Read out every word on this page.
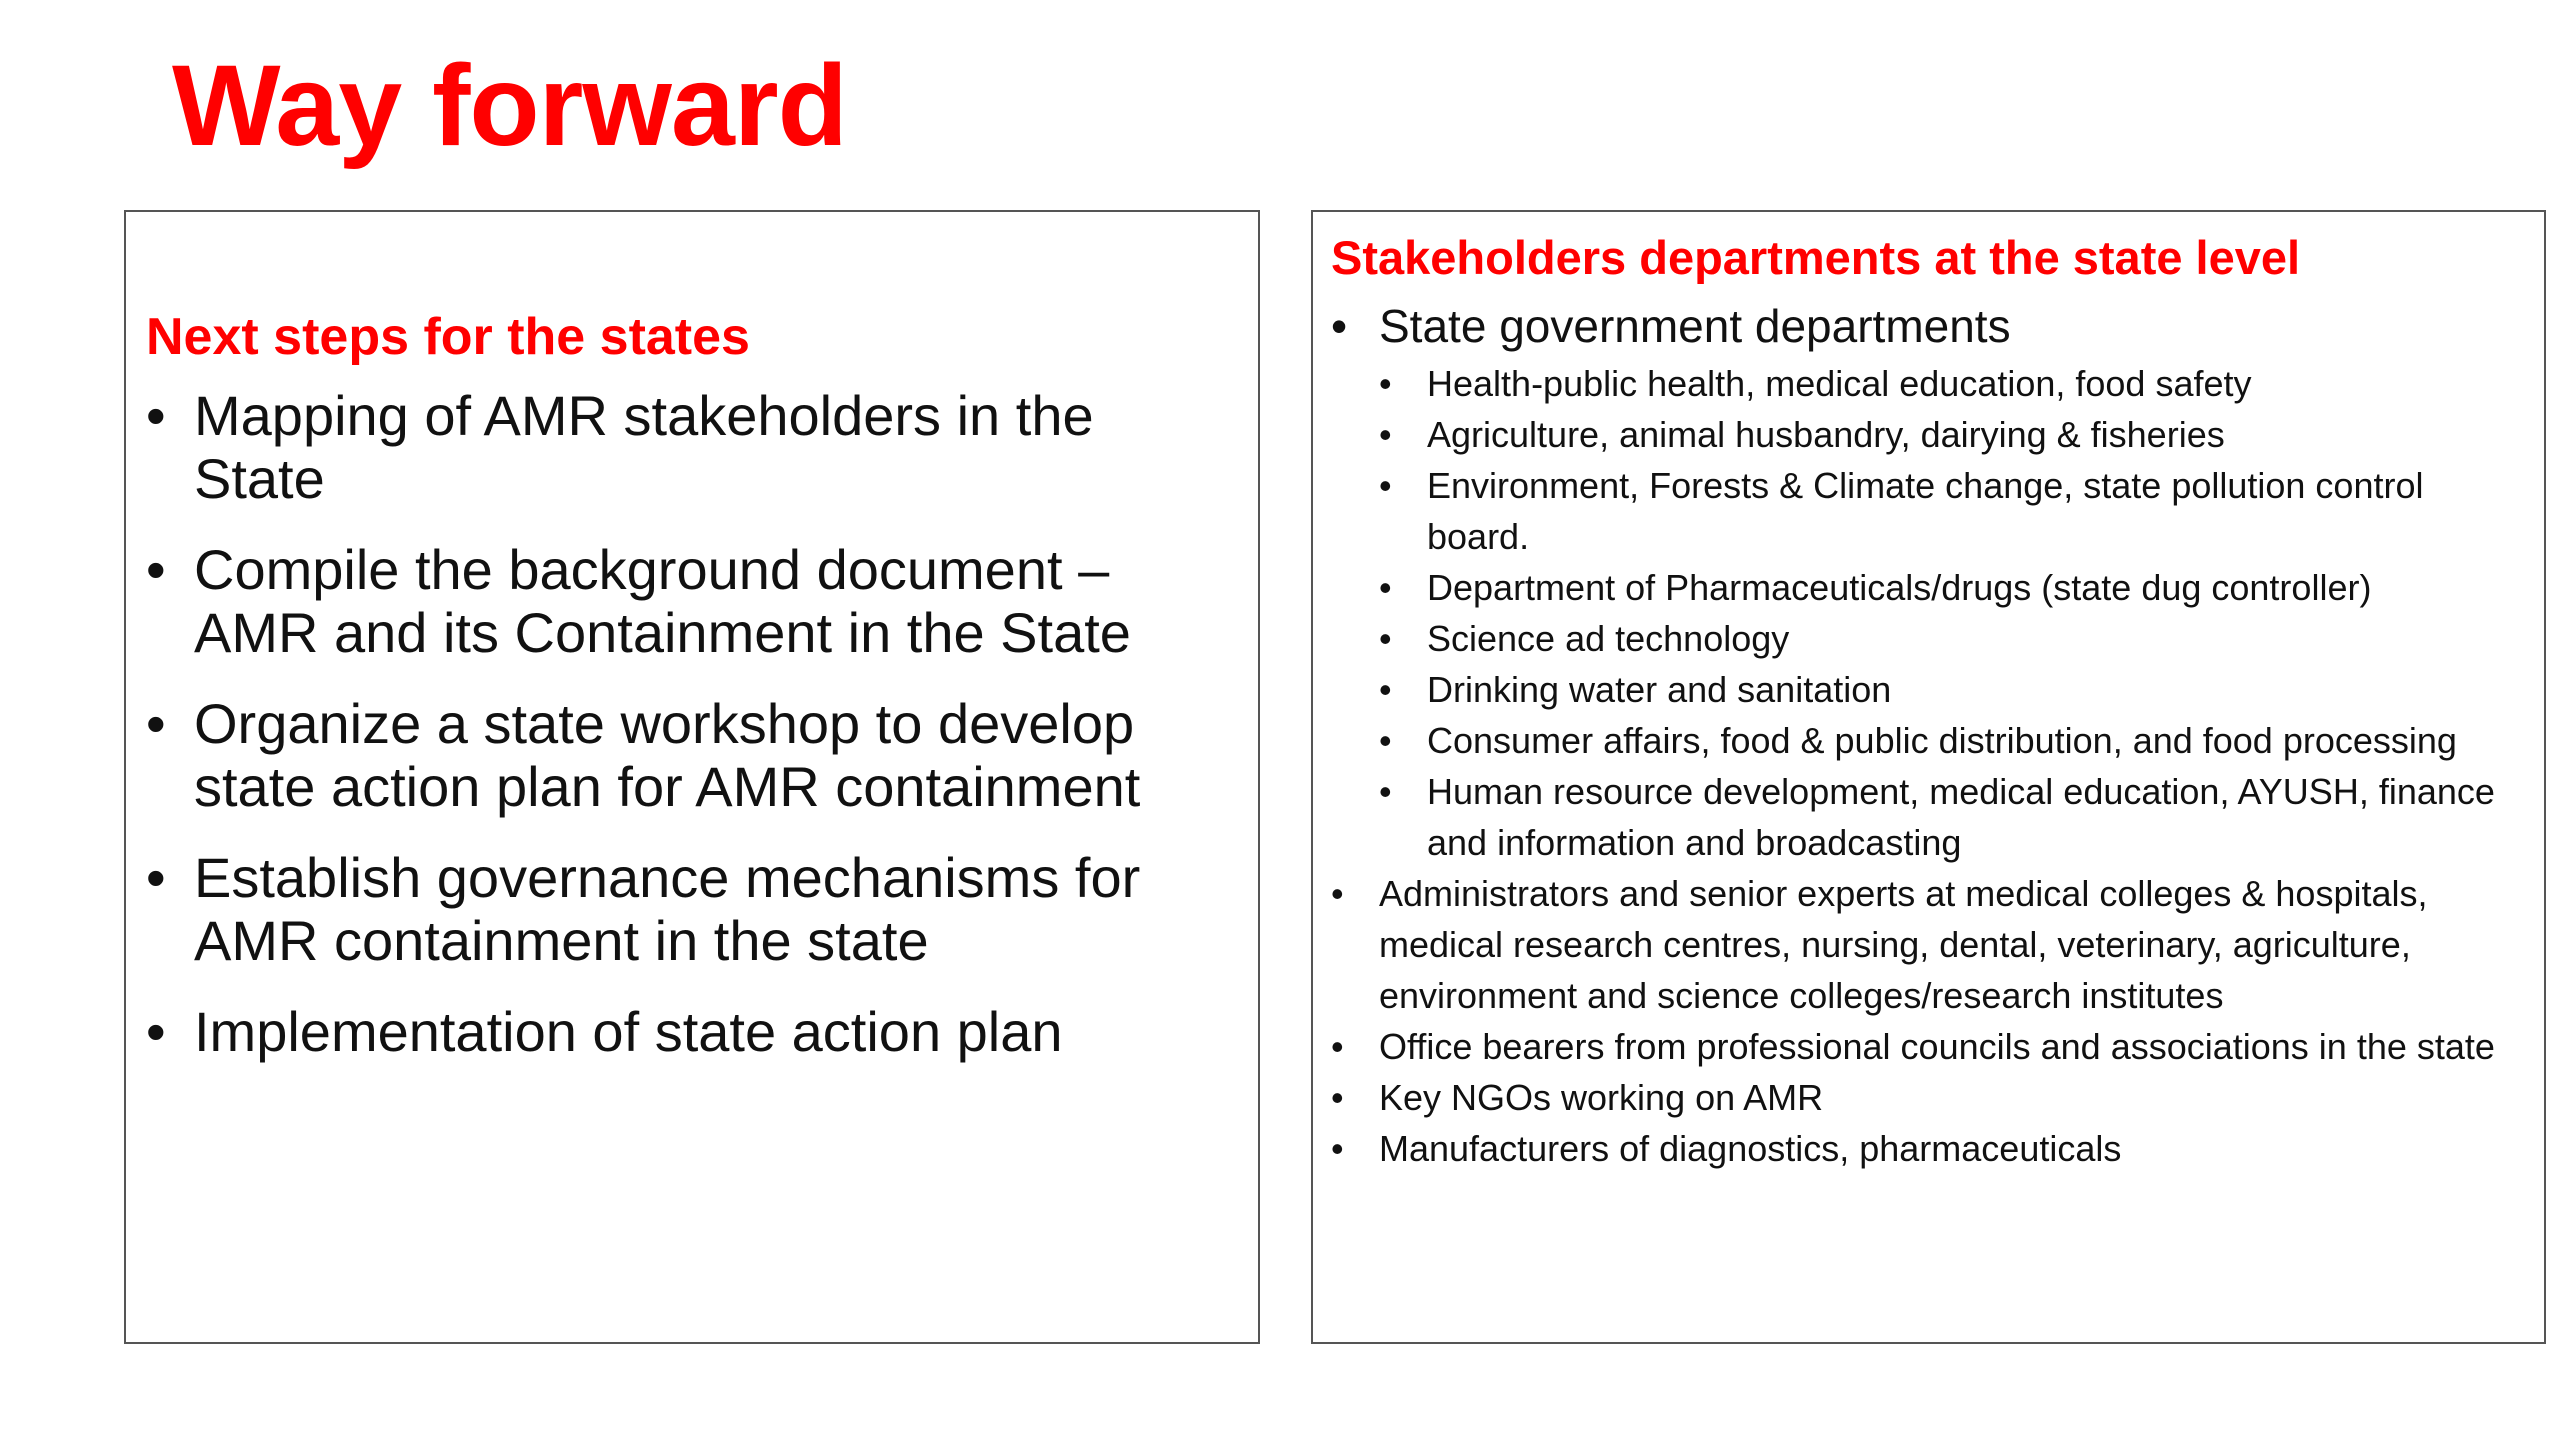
Way forward
Next steps for the states
• Mapping of AMR stakeholders in the State
• Compile the background document – AMR and its Containment in the State
• Organize a state workshop to develop state action plan for AMR containment
• Establish governance mechanisms for AMR containment in the state
• Implementation of state action plan
Stakeholders departments at the state level
• State government departments
• Health-public health, medical education, food safety
• Agriculture, animal husbandry, dairying & fisheries
• Environment, Forests & Climate change, state pollution control board.
• Department of Pharmaceuticals/drugs (state dug controller)
• Science ad technology
• Drinking water and sanitation
• Consumer affairs, food & public distribution, and food processing
• Human resource development, medical education, AYUSH, finance and information and broadcasting
• Administrators and senior experts at medical colleges & hospitals, medical research centres, nursing, dental, veterinary, agriculture, environment and science colleges/research institutes
• Office bearers from professional councils and associations in the state
• Key NGOs working on AMR
• Manufacturers of diagnostics, pharmaceuticals
